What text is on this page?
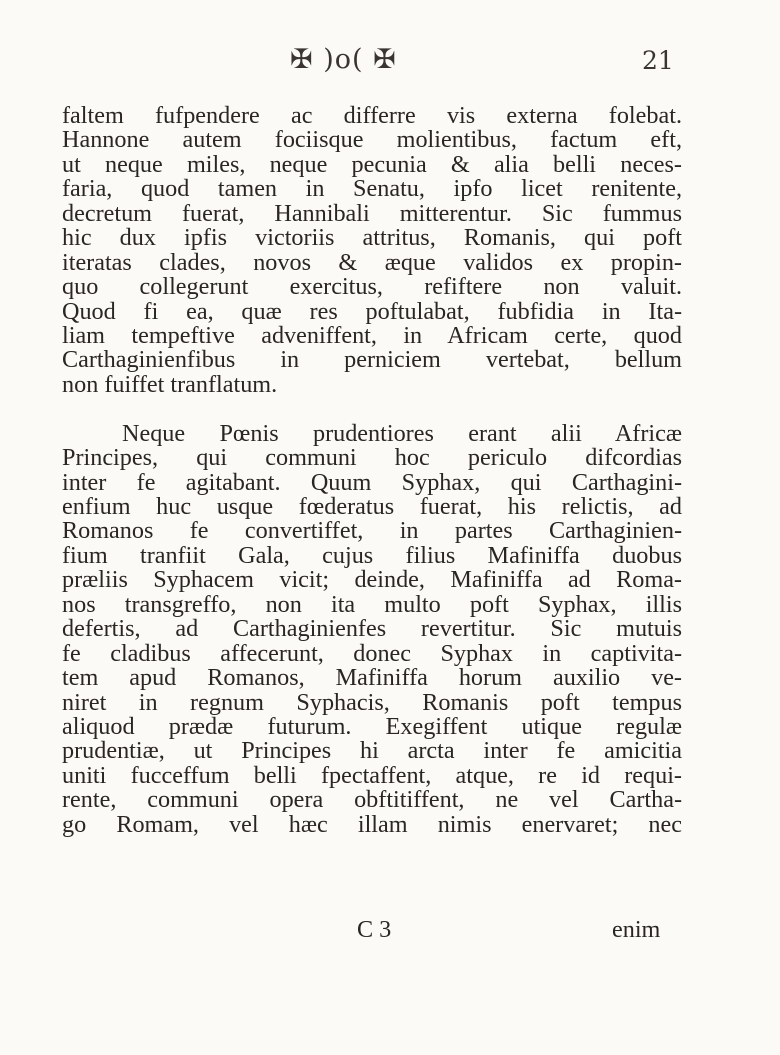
✠ )o( ✠	21
faltem fufpendere ac differre vis externa folebat.
Hannone autem fociisque molientibus, factum eft,
ut neque miles, neque pecunia & alia belli neces-
faria, quod tamen in Senatu, ipfo licet renitente,
decretum fuerat, Hannibali mitterentur. Sic fummus
hic dux ipfis victoriis attritus, Romanis, qui poft
iteratas clades, novos & æque validos ex propin-
quo collegerunt exercitus, refiftere non valuit.
Quod fi ea, quæ res poftulabat, fubfidia in Ita-
liam tempeftive adveniffent, in Africam certe, quod
Carthaginienfibus in perniciem vertebat, bellum
non fuiffet tranflatum.
Neque Pœnis prudentiores erant alii Africæ
Principes, qui communi hoc periculo difcordias
inter fe agitabant. Quum Syphax, qui Carthagini-
enfium huc usque fœderatus fuerat, his relictis, ad
Romanos fe convertiffet, in partes Carthaginien-
fium tranfiit Gala, cujus filius Mafiniffa duobus
præliis Syphacem vicit; deinde, Mafiniffa ad Roma-
nos transgreffo, non ita multo poft Syphax, illis
defertis, ad Carthaginienfes revertitur. Sic mutuis
fe cladibus affecerunt, donec Syphax in captivita-
tem apud Romanos, Mafiniffa horum auxilio ve-
niret in regnum Syphacis, Romanis poft tempus
aliquod prædæ futurum. Exegiffent utique regulæ
prudentiæ, ut Principes hi arcta inter fe amicitia
uniti fucceffum belli fpectaffent, atque, re id requi-
rente, communi opera obftitiffent, ne vel Cartha-
go Romam, vel hæc illam nimis enervaret; nec
C 3	enim
